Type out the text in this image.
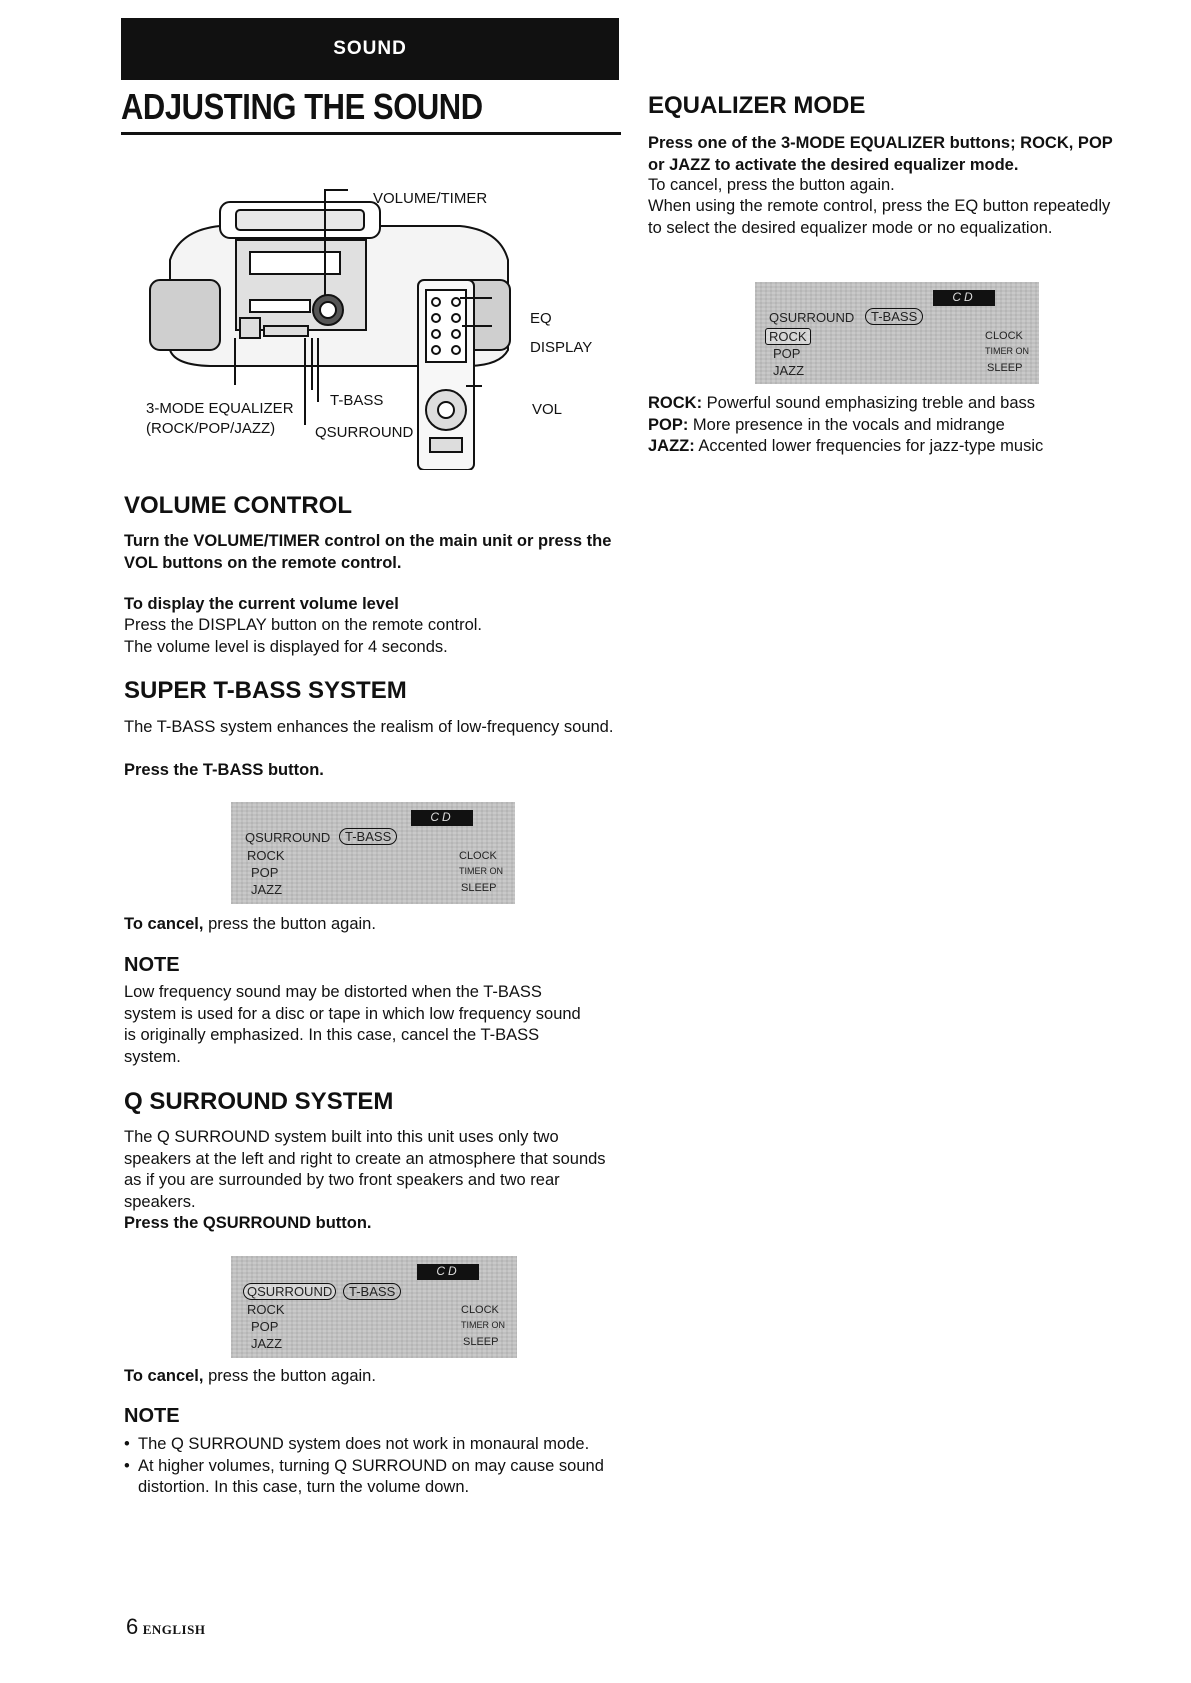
SOUND
ADJUSTING THE SOUND
VOLUME/TIMER
EQ
DISPLAY
VOL
3-MODE EQUALIZER
(ROCK/POP/JAZZ)
T-BASS
QSURROUND
VOLUME CONTROL

Turn the VOLUME/TIMER control on the main unit or press the VOL buttons on the remote control.

To display the current volume level

Press the DISPLAY button on the remote control.

The volume level is displayed for 4 seconds.

SUPER T-BASS SYSTEM

The T-BASS system enhances the realism of low-frequency sound.

Press the T-BASS button.

CD
QSURROUND	T-BASS
ROCK
POP
JAZZ
CLOCK
TIMER ON
SLEEP

To cancel, press the button again.

NOTE

Low frequency sound may be distorted when the T-BASS system is used for a disc or tape in which low frequency sound is originally emphasized. In this case, cancel the T-BASS system.

Q SURROUND SYSTEM

The Q SURROUND system built into this unit uses only two speakers at the left and right to create an atmosphere that sounds as if you are surrounded by two front speakers and two rear speakers.

Press the QSURROUND button.

CD
QSURROUND	T-BASS
ROCK
POP
JAZZ
CLOCK
TIMER ON
SLEEP

To cancel, press the button again.

NOTE

• The Q SURROUND system does not work in monaural mode.

• At higher volumes, turning Q SURROUND on may cause sound distortion. In this case, turn the volume down.

EQUALIZER MODE

Press one of the 3-MODE EQUALIZER buttons; ROCK, POP or JAZZ to activate the desired equalizer mode.

To cancel, press the button again.

When using the remote control, press the EQ button repeatedly to select the desired equalizer mode or no equalization.

CD
QSURROUND	T-BASS
ROCK
POP
JAZZ
CLOCK
TIMER ON
SLEEP

ROCK: Powerful sound emphasizing treble and bass

POP: More presence in the vocals and midrange

JAZZ: Accented lower frequencies for jazz-type music

6 ENGLISH
